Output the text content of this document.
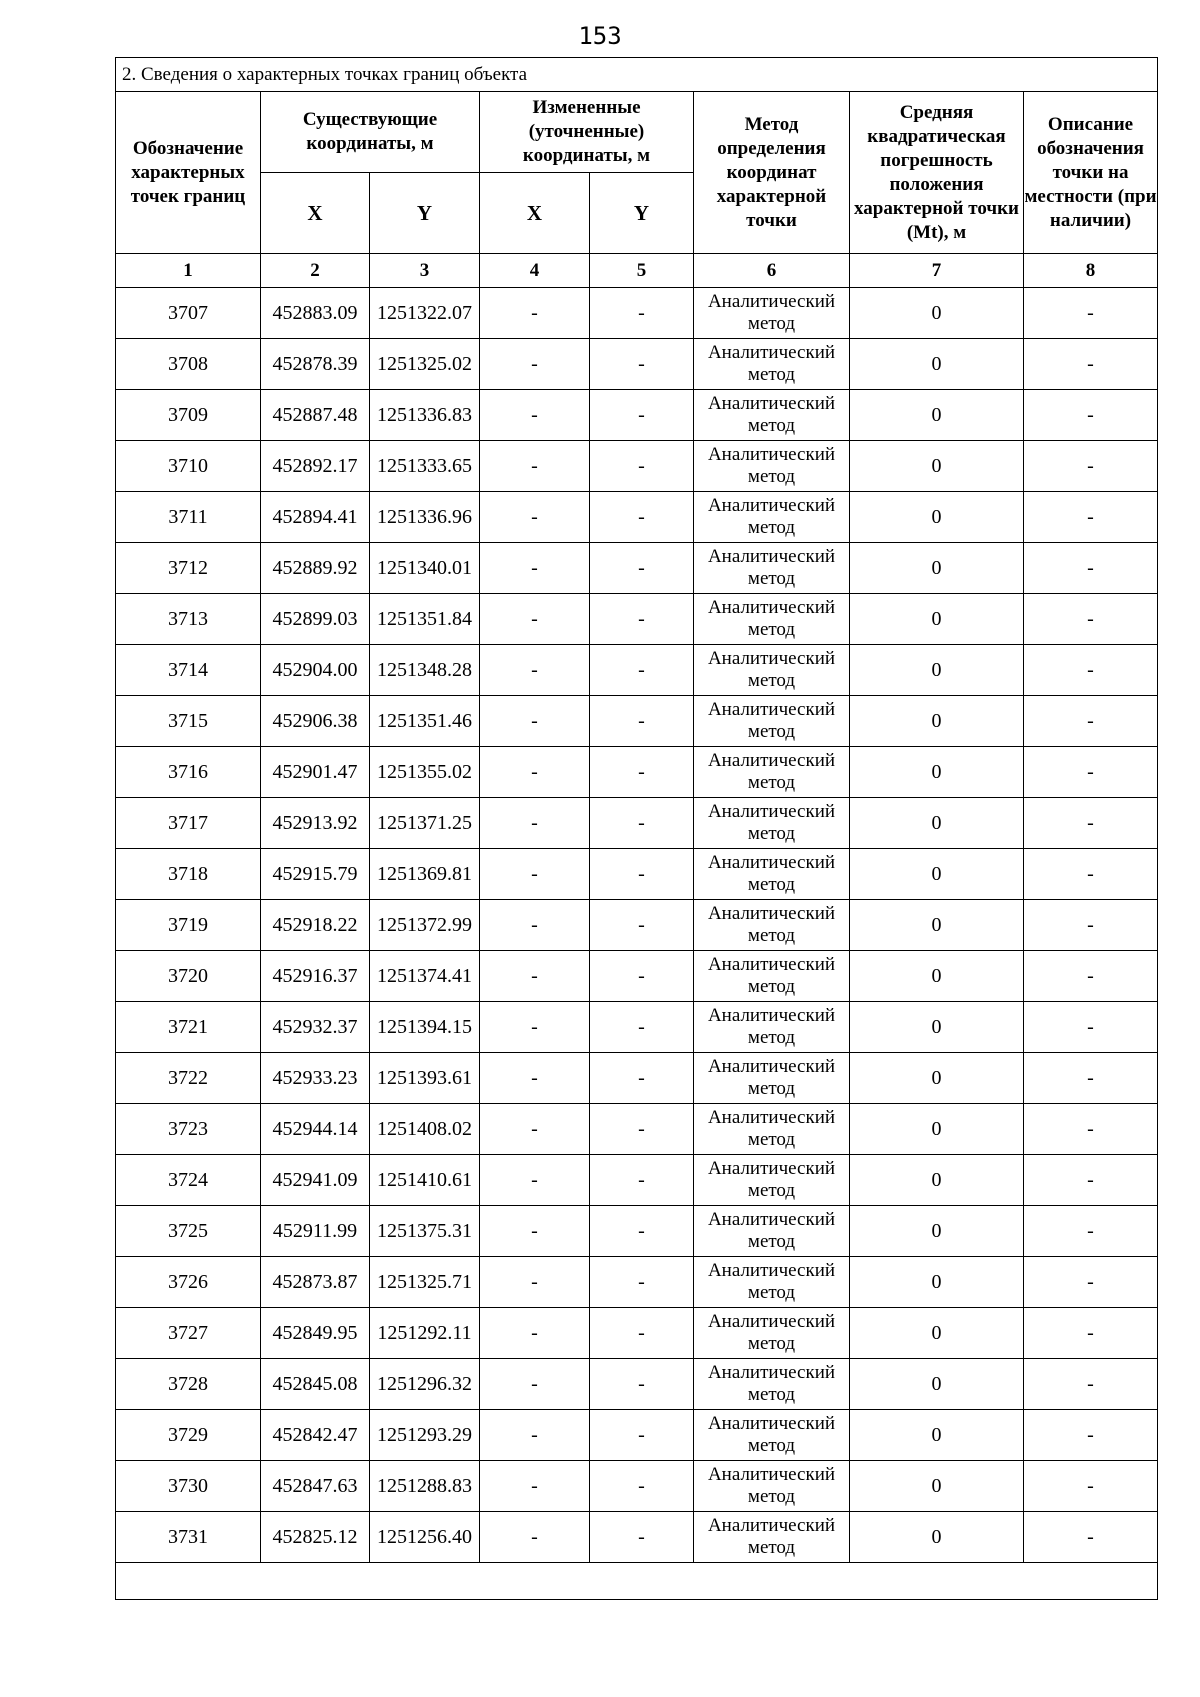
153
2. Сведения о характерных точках границ объекта							
Обозначение характерных точек границ	Существующие координаты, м		Измененные (уточненные) координаты, м		Метод определения координат характерной точки	Средняя квадратическая погрешность положения характерной точки (Mt), м	Описание обозначения точки на местности (при наличии)
	X	Y	X	Y			
1	2	3	4	5	6	7	8
3707	452883.09	1251322.07	-	-	Аналитический метод	0	-
3708	452878.39	1251325.02	-	-	Аналитический метод	0	-
3709	452887.48	1251336.83	-	-	Аналитический метод	0	-
3710	452892.17	1251333.65	-	-	Аналитический метод	0	-
3711	452894.41	1251336.96	-	-	Аналитический метод	0	-
3712	452889.92	1251340.01	-	-	Аналитический метод	0	-
3713	452899.03	1251351.84	-	-	Аналитический метод	0	-
3714	452904.00	1251348.28	-	-	Аналитический метод	0	-
3715	452906.38	1251351.46	-	-	Аналитический метод	0	-
3716	452901.47	1251355.02	-	-	Аналитический метод	0	-
3717	452913.92	1251371.25	-	-	Аналитический метод	0	-
3718	452915.79	1251369.81	-	-	Аналитический метод	0	-
3719	452918.22	1251372.99	-	-	Аналитический метод	0	-
3720	452916.37	1251374.41	-	-	Аналитический метод	0	-
3721	452932.37	1251394.15	-	-	Аналитический метод	0	-
3722	452933.23	1251393.61	-	-	Аналитический метод	0	-
3723	452944.14	1251408.02	-	-	Аналитический метод	0	-
3724	452941.09	1251410.61	-	-	Аналитический метод	0	-
3725	452911.99	1251375.31	-	-	Аналитический метод	0	-
3726	452873.87	1251325.71	-	-	Аналитический метод	0	-
3727	452849.95	1251292.11	-	-	Аналитический метод	0	-
3728	452845.08	1251296.32	-	-	Аналитический метод	0	-
3729	452842.47	1251293.29	-	-	Аналитический метод	0	-
3730	452847.63	1251288.83	-	-	Аналитический метод	0	-
3731	452825.12	1251256.40	-	-	Аналитический метод	0	-
